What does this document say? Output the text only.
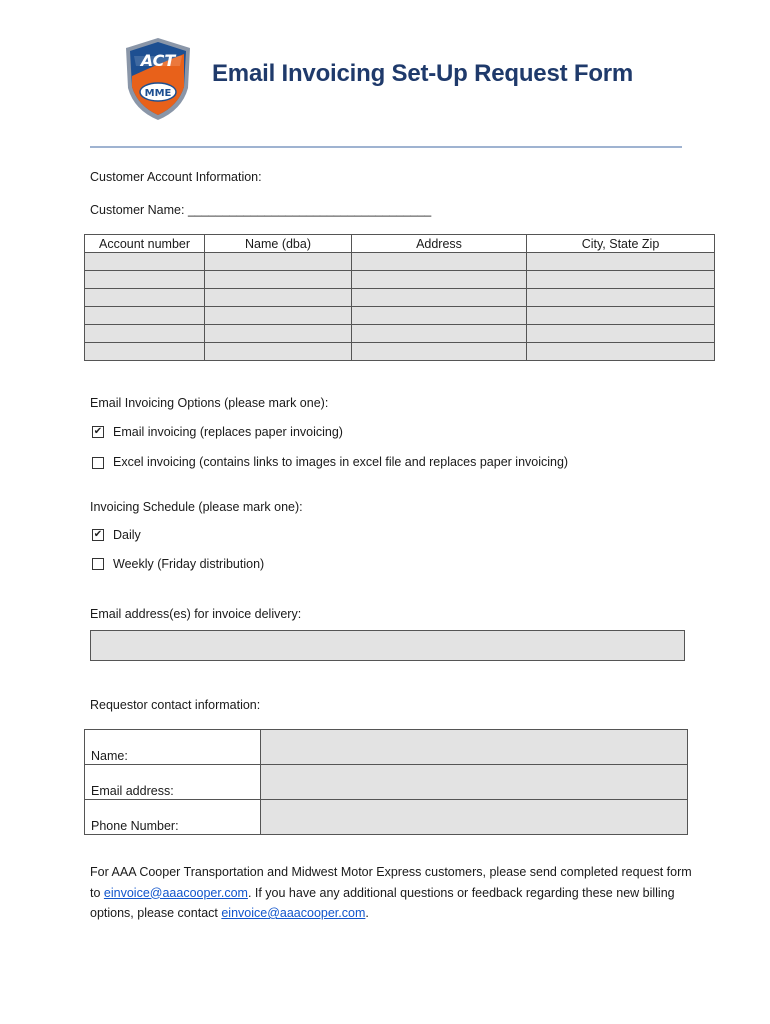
ACT
MME
Email Invoicing Set-Up Request Form
Customer Account Information:
Customer Name: ___________________________________
Account number	Name (dba)	Address	City, State Zip

Email Invoicing Options (please mark one):
✔ Email invoicing (replaces paper invoicing)
Excel invoicing (contains links to images in excel file and replaces paper invoicing)
Invoicing Schedule (please mark one):
✔ Daily
Weekly (Friday distribution)
Email address(es) for invoice delivery:
Requestor contact information:
Name:	
Email address:	
Phone Number:	
For AAA Cooper Transportation and Midwest Motor Express customers, please send completed request form to einvoice@aaacooper.com. If you have any additional questions or feedback regarding these new billing options, please contact einvoice@aaacooper.com.
